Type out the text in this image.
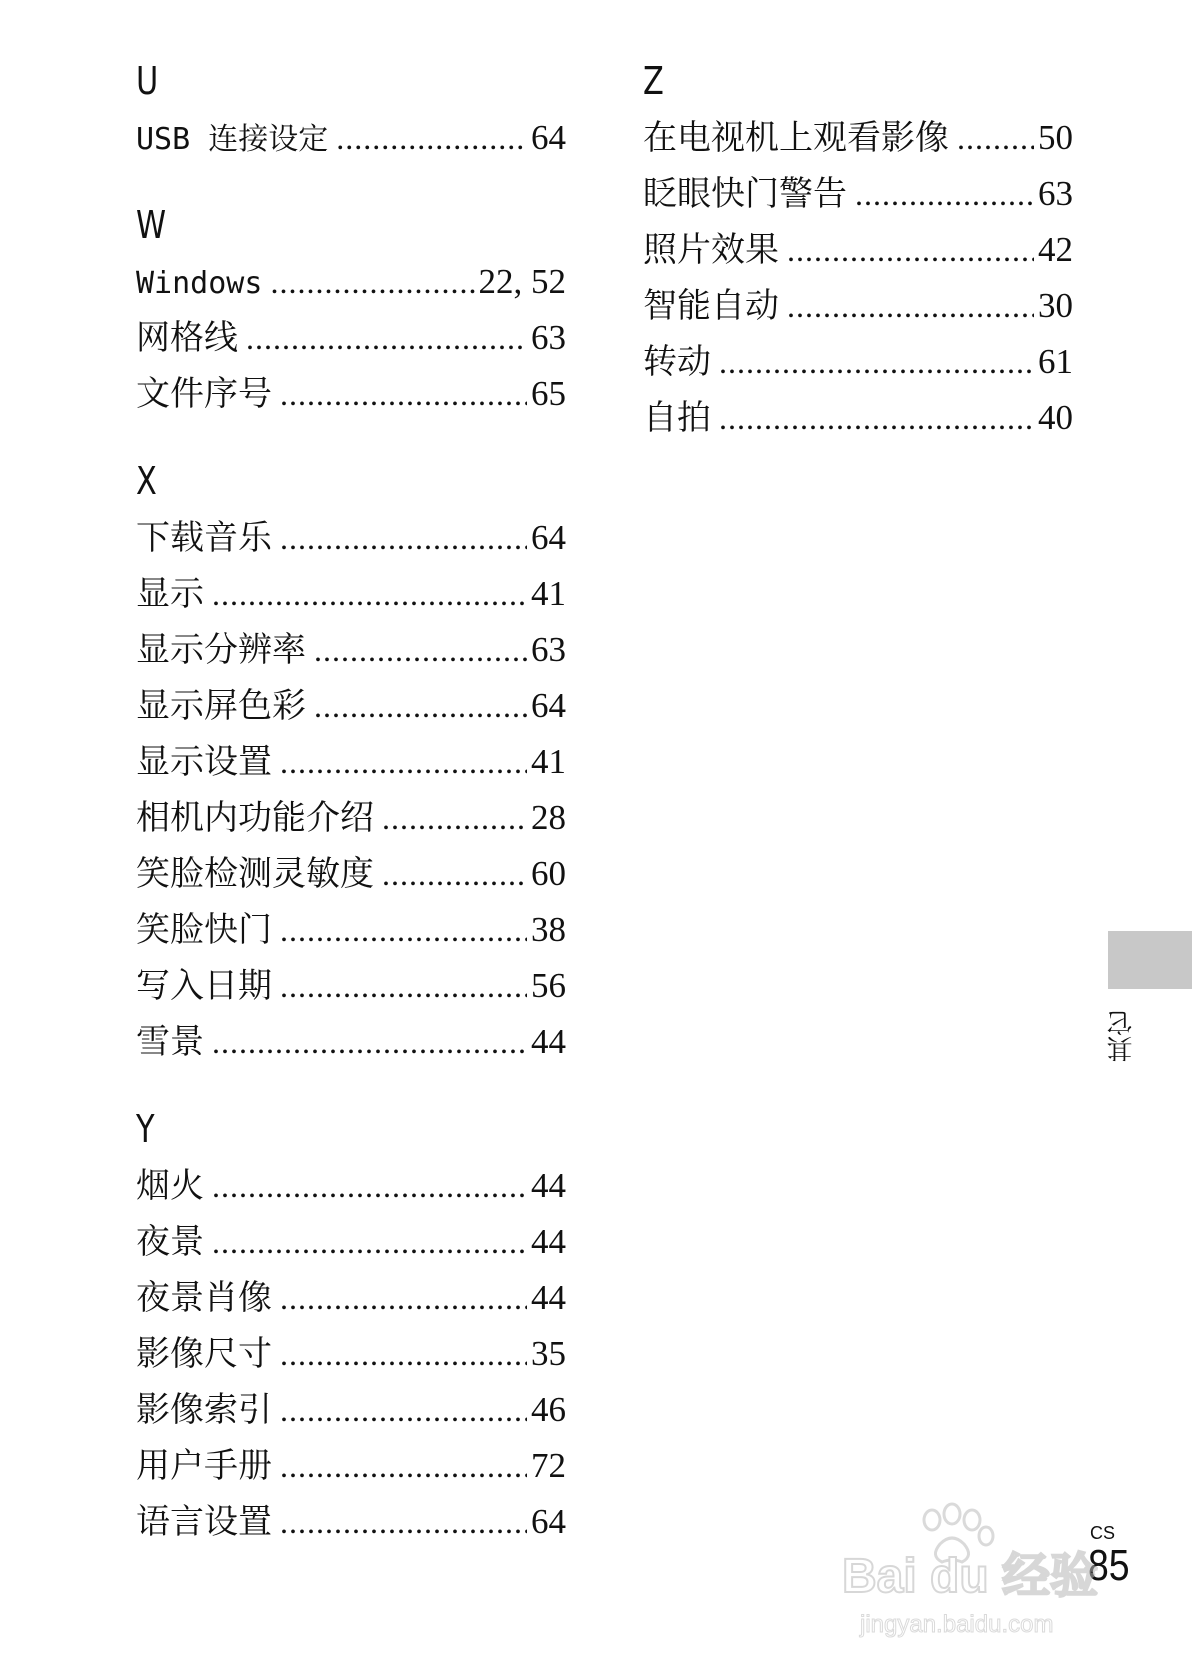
U
USB 连接设定 .....	64
W
Windows .....	22, 52
网格线 .....	63
文件序号 .....	65
X
下载音乐 .....	64
显示 .....	41
显示分辨率 .....	63
显示屏色彩 .....	64
显示设置 .....	41
相机内功能介绍 .....	28
笑脸检测灵敏度 .....	60
笑脸快门 .....	38
写入日期 .....	56
雪景 .....	44
Y
烟火 .....	44
夜景 .....	44
夜景肖像 .....	44
影像尺寸 .....	35
影像索引 .....	46
用户手册 .....	72
语言设置 .....	64
Z
在电视机上观看影像 .....	50
眨眼快门警告 .....	63
照片效果 .....	42
智能自动 .....	30
转动 .....	61
自拍 .....	40
其它
CS
85
Bai du 经验
jingyan.baidu.com
